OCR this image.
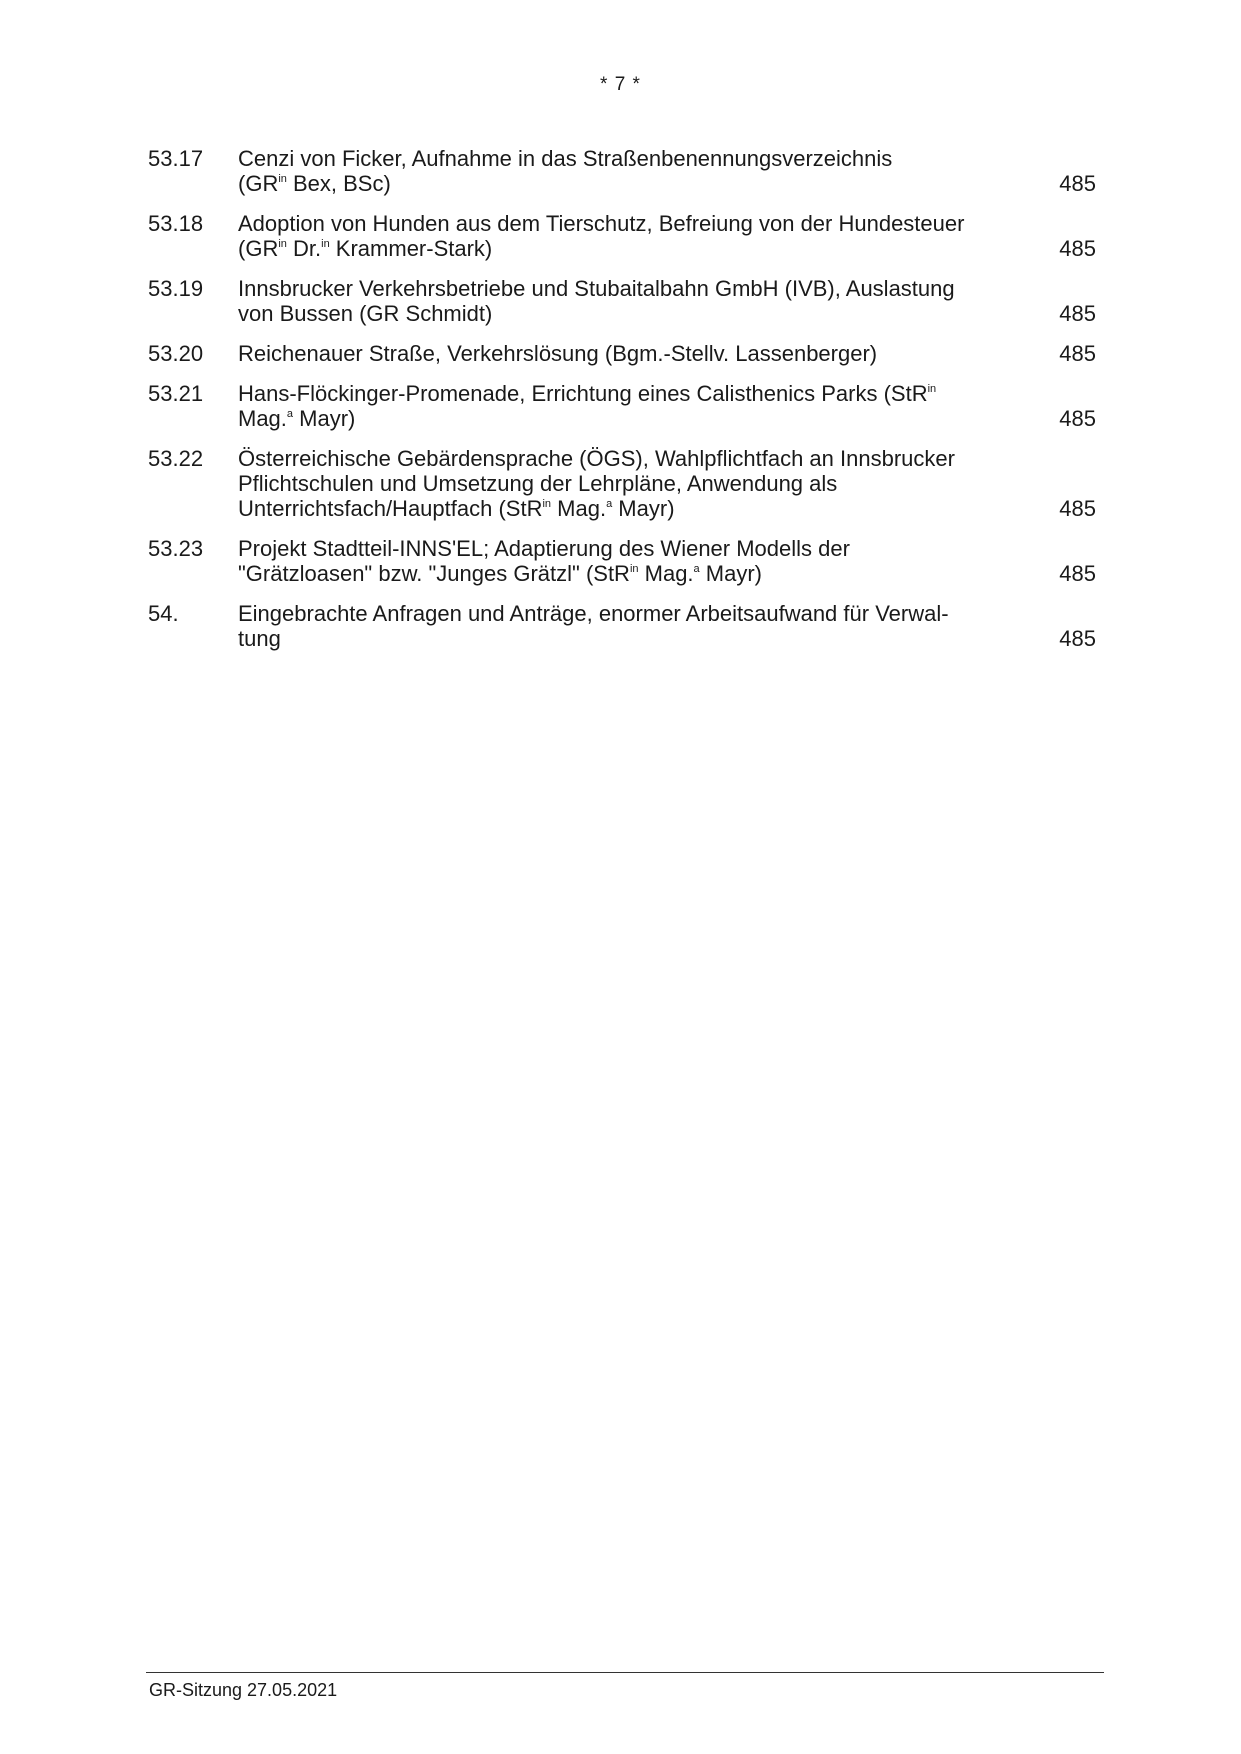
* 7 *
53.17	Cenzi von Ficker, Aufnahme in das Straßenbenennungsverzeichnis
($GR^{in}$ Bex, BSc)	485
53.18	Adoption von Hunden aus dem Tierschutz, Befreiung von der Hundesteuer
($GR^{in}$ Dr.$^{in}$ Krammer-Stark)	485
53.19	Innsbrucker Verkehrsbetriebe und Stubaitalbahn GmbH (IVB), Auslastung
von Bussen (GR Schmidt)	485
53.20	Reichenauer Straße, Verkehrslösung (Bgm.-Stellv. Lassenberger)	485
53.21	Hans-Flöckinger-Promenade, Errichtung eines Calisthenics Parks (StR$^{in}$
Mag.$^a$ Mayr)	485
53.22	Österreichische Gebärdensprache (ÖGS), Wahlpflichtfach an Innsbrucker
Pflichtschulen und Umsetzung der Lehrpläne, Anwendung als
Unterrichtsfach/Hauptfach (StR$^{in}$ Mag.$^a$ Mayr)	485
53.23	Projekt Stadtteil-INNS'EL; Adaptierung des Wiener Modells der
"Grätzloasen" bzw. "Junges Grätzl" (StR$^{in}$ Mag.$^a$ Mayr)	485
54.	Eingebrachte Anfragen und Anträge, enormer Arbeitsaufwand für Verwal-
tung	485
GR-Sitzung 27.05.2021
